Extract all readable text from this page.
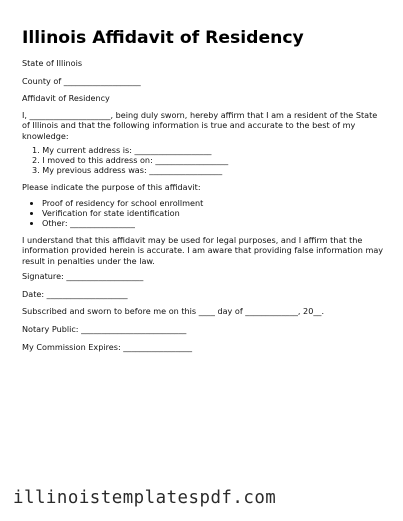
Illinois Affidavit of Residency
State of Illinois
County of ___________________
Affidavit of Residency
I, ____________________, being duly sworn, hereby affirm that I am a resident of the State of Illinois and that the following information is true and accurate to the best of my knowledge:
1. My current address is: ___________________
2. I moved to this address on: __________________
3. My previous address was: __________________
Please indicate the purpose of this affidavit:
• Proof of residency for school enrollment
• Verification for state identification
• Other: ________________
I understand that this affidavit may be used for legal purposes, and I affirm that the information provided herein is accurate. I am aware that providing false information may result in penalties under the law.
Signature: ___________________
Date: ____________________
Subscribed and sworn to before me on this ____ day of _____________, 20__.
Notary Public: __________________________
My Commission Expires: _________________
illinoistemplatespdf.com
